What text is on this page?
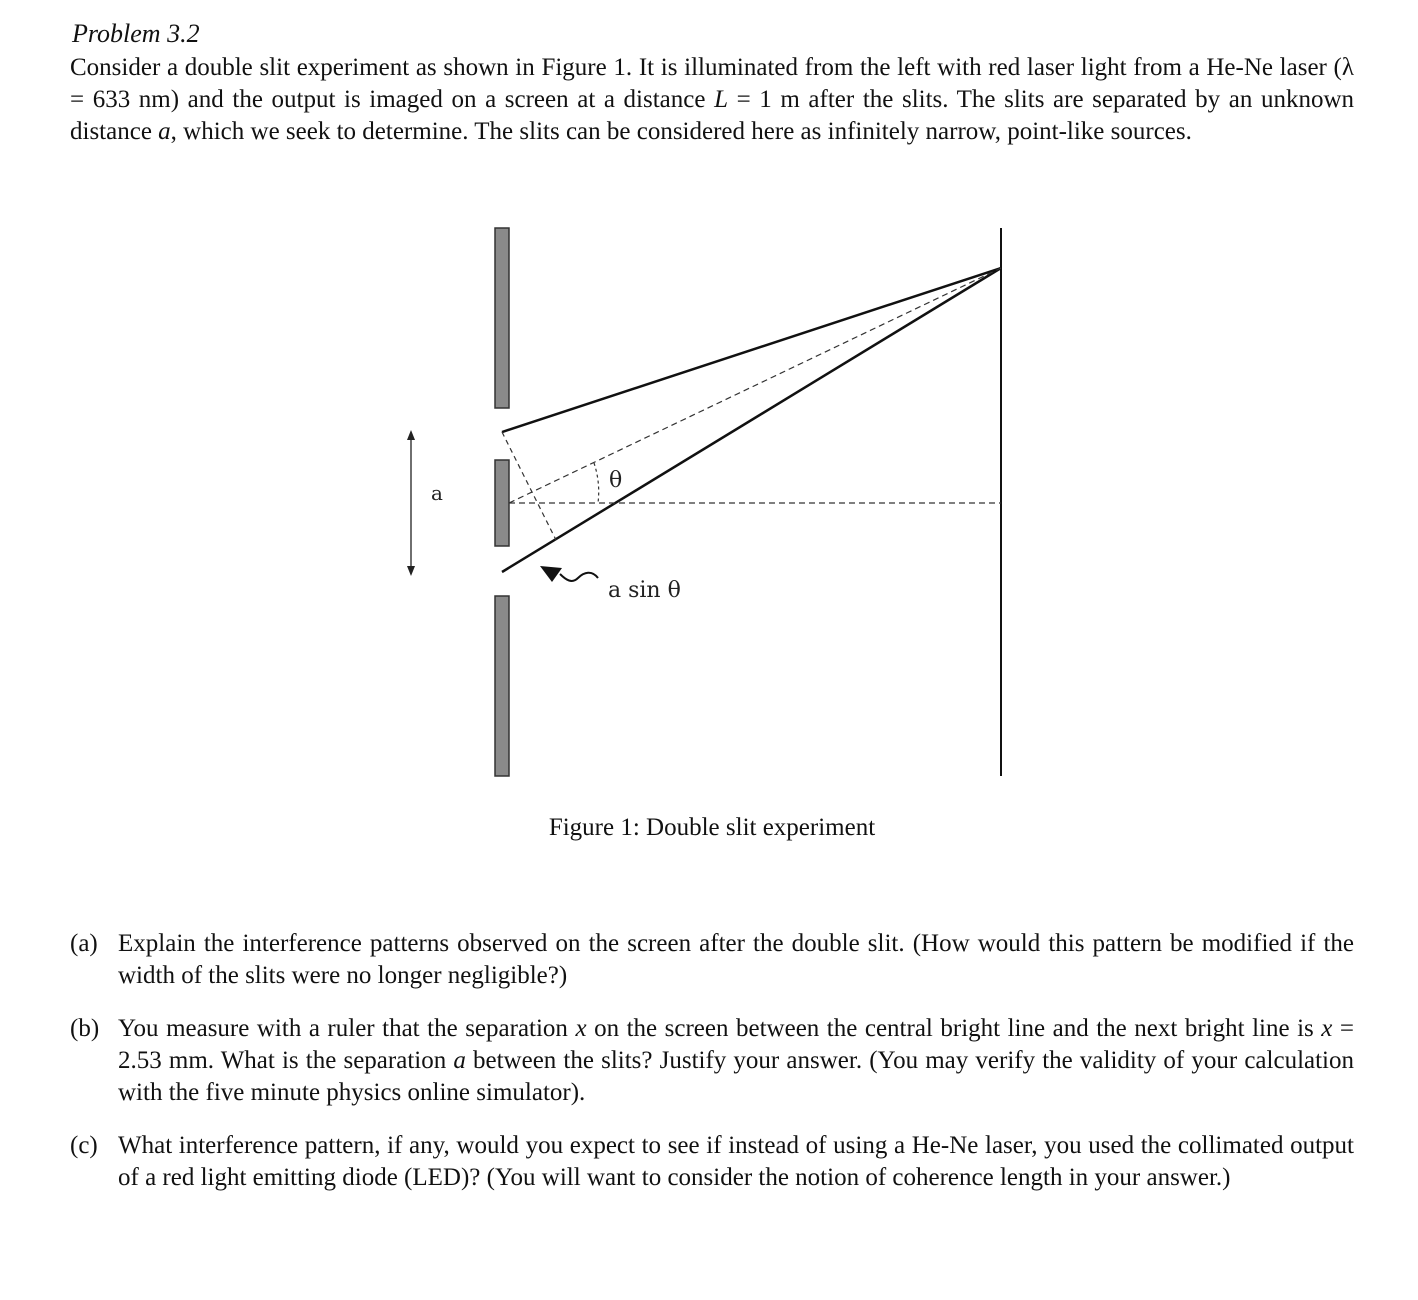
Problem 3.2

Consider a double slit experiment as shown in Figure 1. It is illuminated from the left with red laser light from a He-Ne laser (λ = 633 nm) and the output is imaged on a screen at a distance L = 1 m after the slits. The slits are separated by an unknown distance a, which we seek to determine. The slits can be considered here as infinitely narrow, point-like sources.

a	θ
a sin θ
Figure 1: Double slit experiment
(a) Explain the interference patterns observed on the screen after the double slit. (How would this pattern be modified if the width of the slits were no longer negligible?)
(b) You measure with a ruler that the separation x on the screen between the central bright line and the next bright line is x = 2.53 mm. What is the separation a between the slits? Justify your answer. (You may verify the validity of your calculation with the five minute physics online simulator).
(c) What interference pattern, if any, would you expect to see if instead of using a He-Ne laser, you used the collimated output of a red light emitting diode (LED)? (You will want to consider the notion of coherence length in your answer.)
